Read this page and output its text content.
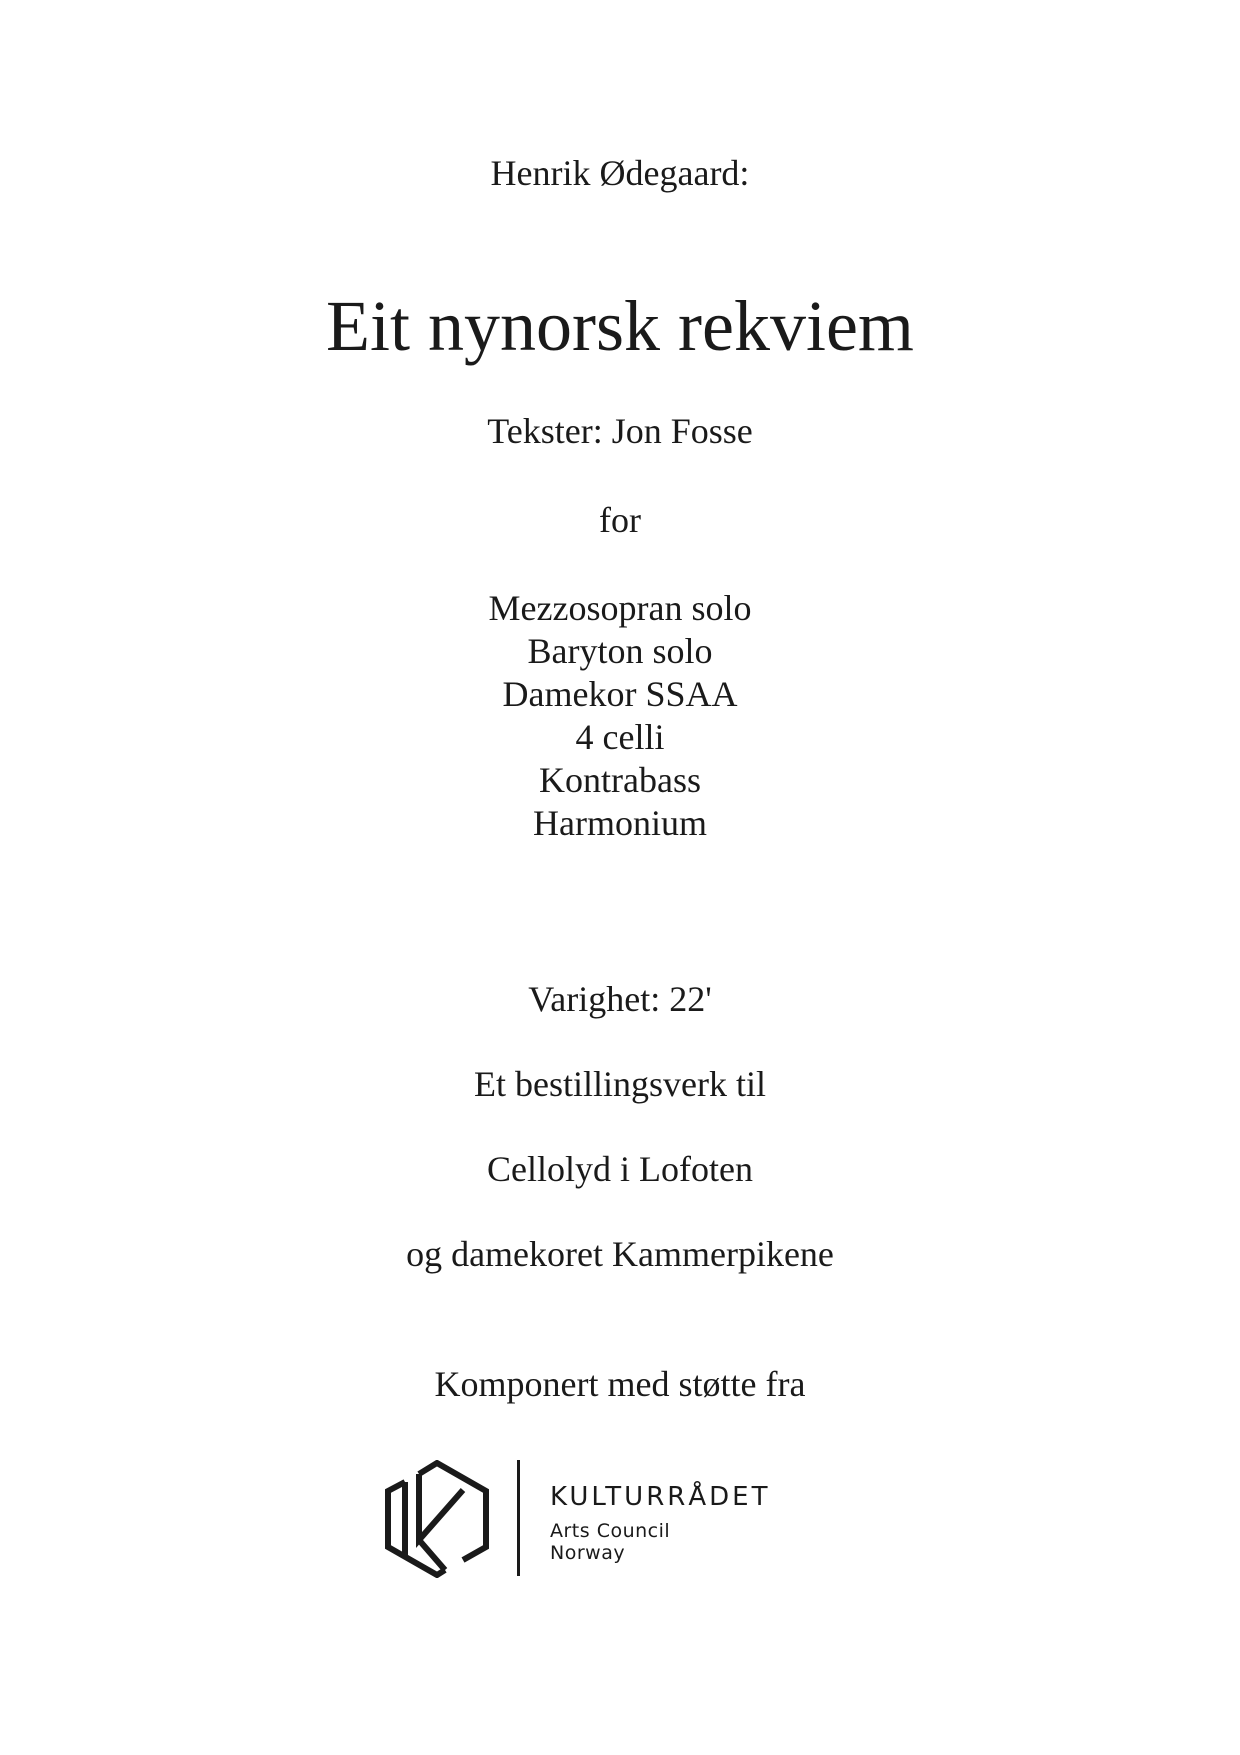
Henrik Ødegaard:
Eit nynorsk rekviem
Tekster: Jon Fosse
for
Mezzosopran solo
Baryton solo
Damekor SSAA
4 celli
Kontrabass
Harmonium
Varighet: 22'
Et bestillingsverk til
Cellolyd i Lofoten
og damekoret Kammerpikene
Komponert med støtte fra
KULTURRÅDET
Arts Council
Norway
